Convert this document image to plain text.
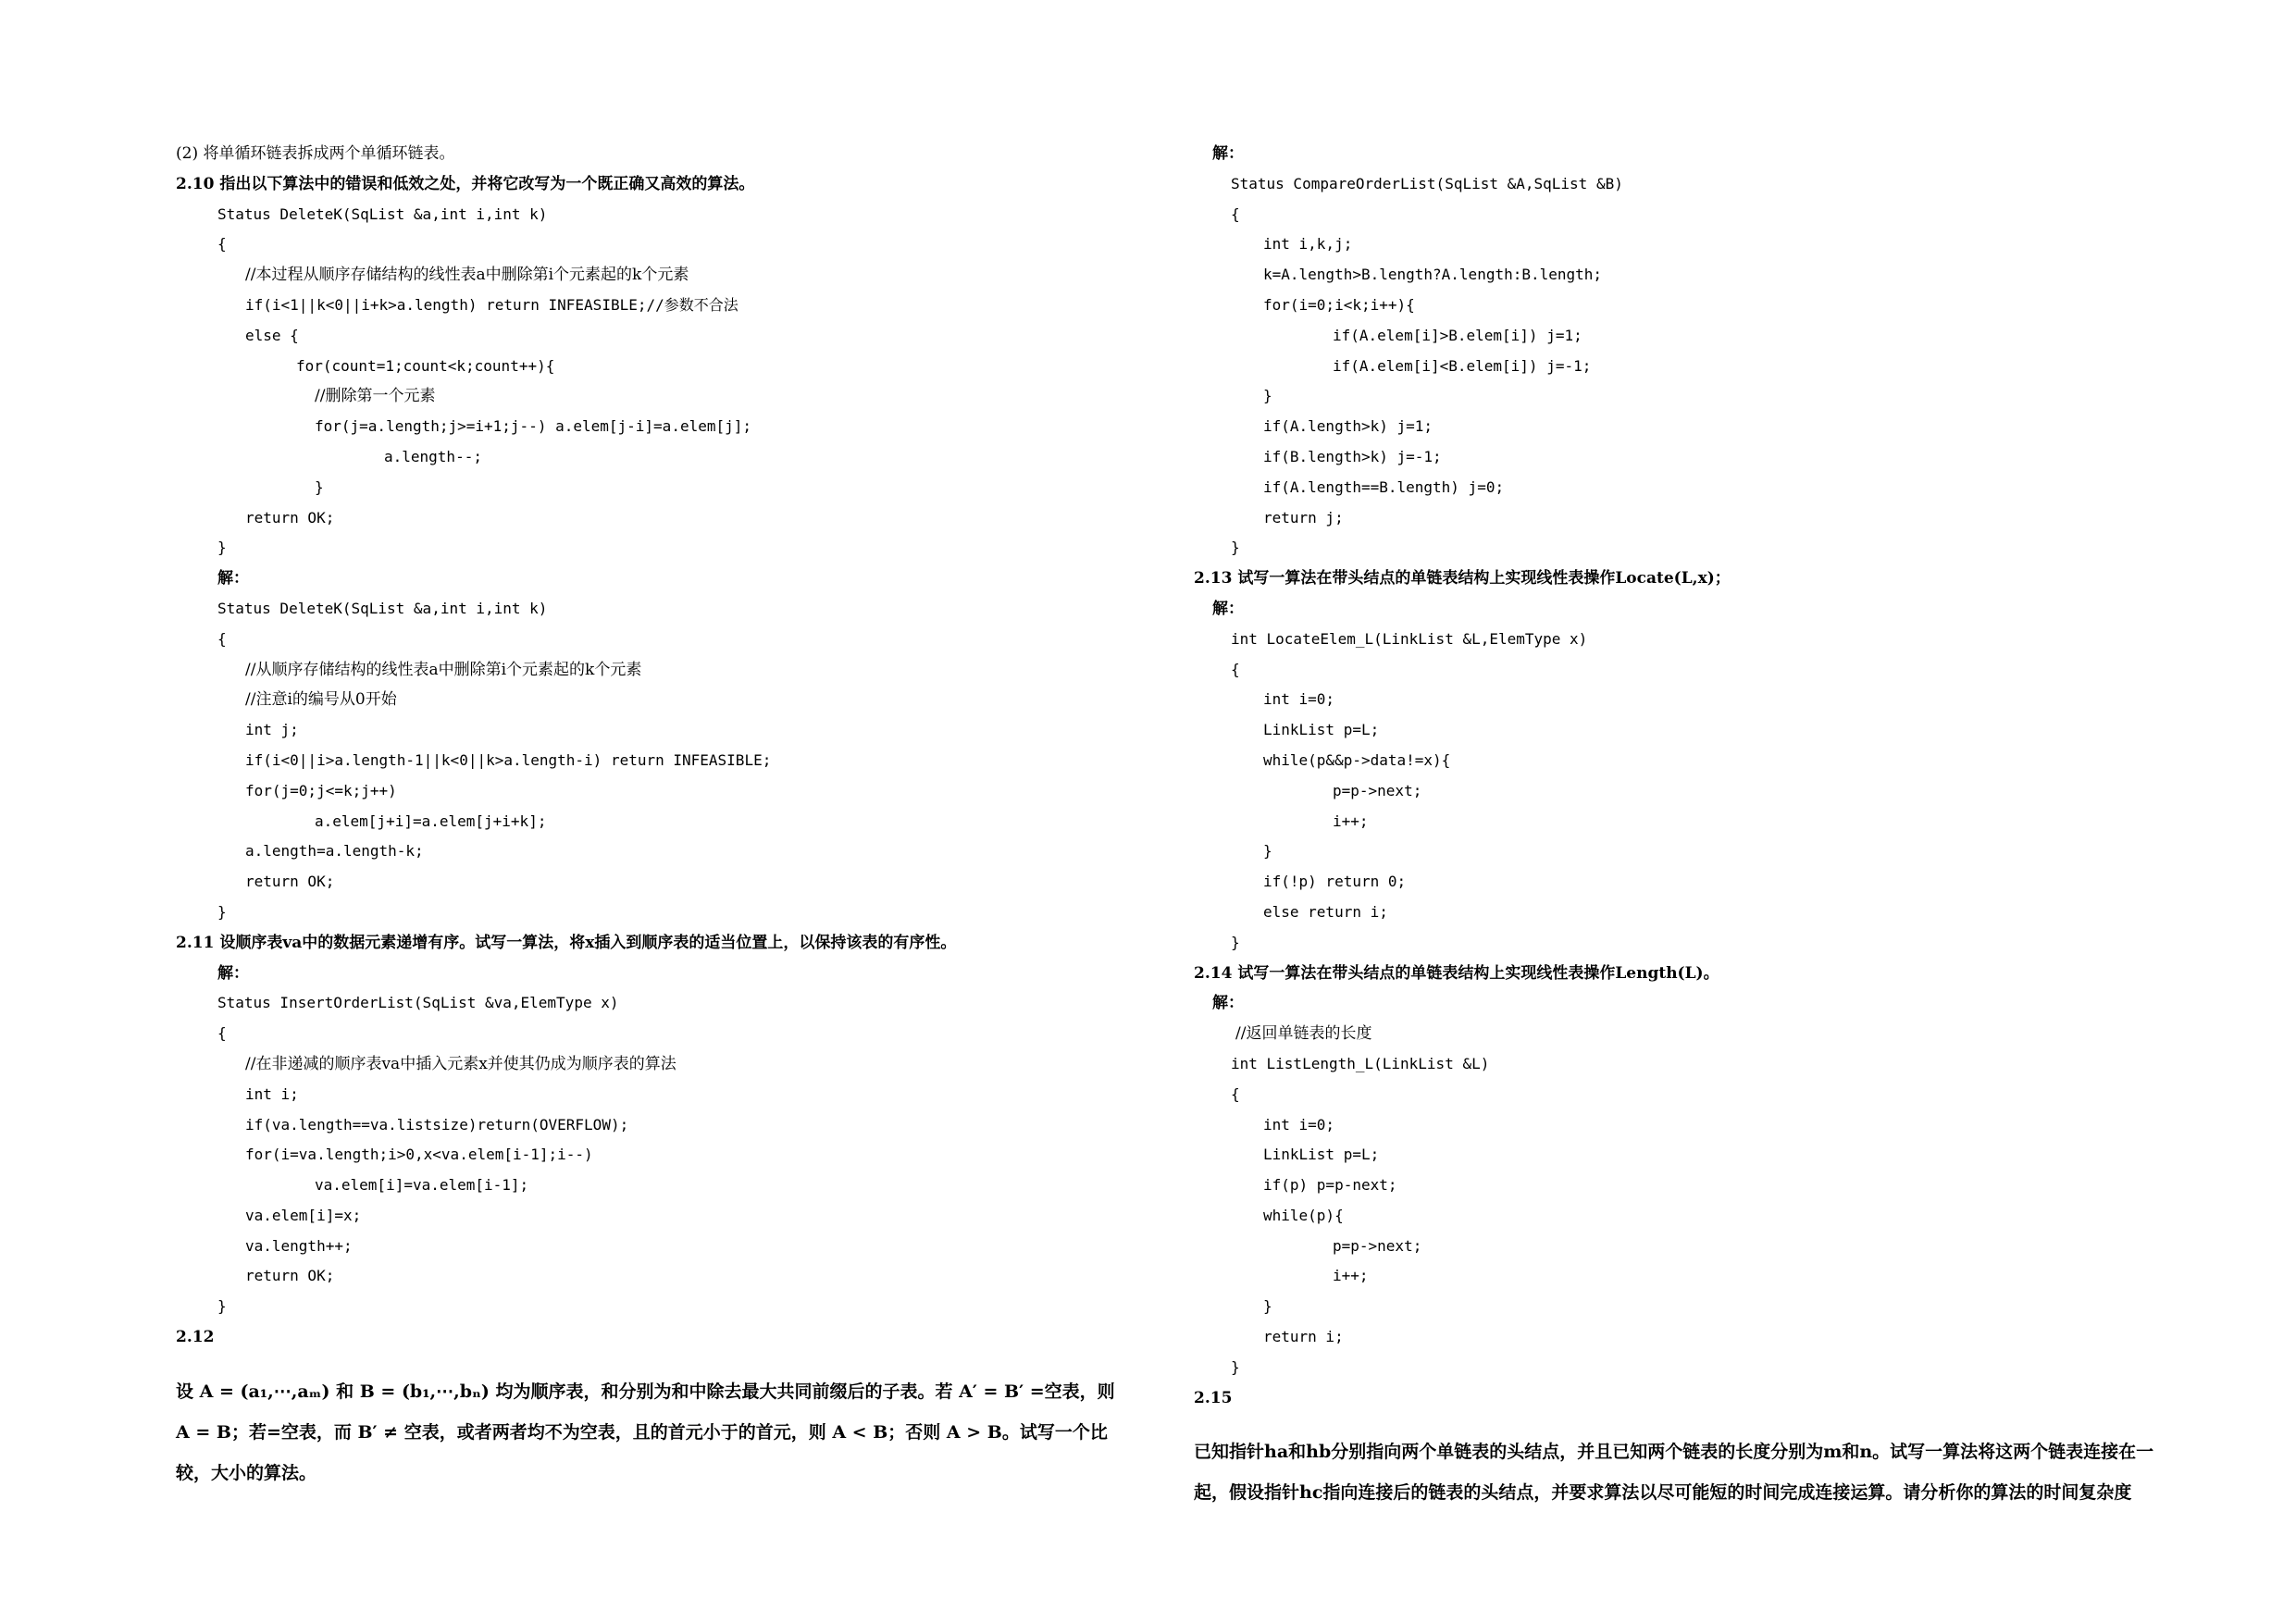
(2) 将单循环链表拆成两个单循环链表。
2.10 指出以下算法中的错误和低效之处，并将它改写为一个既正确又高效的算法。
Status DeleteK(SqList &a,int i,int k)
{
//本过程从顺序存储结构的线性表a中删除第i个元素起的k个元素
if(i<1||k<0||i+k>a.length) return INFEASIBLE;//参数不合法
else {
for(count=1;count<k;count++){
//删除第一个元素
for(j=a.length;j>=i+1;j--) a.elem[j-i]=a.elem[j];
a.length--;
}
return OK;
}
解：
Status DeleteK(SqList &a,int i,int k)
{
//从顺序存储结构的线性表a中删除第i个元素起的k个元素
//注意i的编号从0开始
int j;
if(i<0||i>a.length-1||k<0||k>a.length-i) return INFEASIBLE;
for(j=0;j<=k;j++)
a.elem[j+i]=a.elem[j+i+k];
a.length=a.length-k;
return OK;
}
2.11 设顺序表va中的数据元素递增有序。试写一算法，将x插入到顺序表的适当位置上，以保持该表的有序性。
解：
Status InsertOrderList(SqList &va,ElemType x)
{
//在非递减的顺序表va中插入元素x并使其仍成为顺序表的算法
int i;
if(va.length==va.listsize)return(OVERFLOW);
for(i=va.length;i>0,x<va.elem[i-1];i--)
va.elem[i]=va.elem[i-1];
va.elem[i]=x;
va.length++;
return OK;
}
2.12
设 A = (a₁,⋯,aₘ) 和 B = (b₁,⋯,bₙ) 均为顺序表，和分别为和中除去最大共同前缀后的子表。若 A′ = B′ =空表，则
A = B；若=空表，而 B′ ≠ 空表，或者两者均不为空表，且的首元小于的首元，则 A < B；否则 A > B。试写一个比
较，大小的算法。
解：
Status CompareOrderList(SqList &A,SqList &B)
{
int i,k,j;
k=A.length>B.length?A.length:B.length;
for(i=0;i<k;i++){
if(A.elem[i]>B.elem[i]) j=1;
if(A.elem[i]<B.elem[i]) j=-1;
}
if(A.length>k) j=1;
if(B.length>k) j=-1;
if(A.length==B.length) j=0;
return j;
}
2.13 试写一算法在带头结点的单链表结构上实现线性表操作Locate(L,x)；
解：
int LocateElem_L(LinkList &L,ElemType x)
{
int i=0;
LinkList p=L;
while(p&&p->data!=x){
p=p->next;
i++;
}
if(!p) return 0;
else return i;
}
2.14 试写一算法在带头结点的单链表结构上实现线性表操作Length(L)。
解：
//返回单链表的长度
int ListLength_L(LinkList &L)
{
int i=0;
LinkList p=L;
if(p) p=p-next;
while(p){
p=p->next;
i++;
}
return i;
}
2.15
已知指针ha和hb分别指向两个单链表的头结点，并且已知两个链表的长度分别为m和n。试写一算法将这两个链表连接在一
起，假设指针hc指向连接后的链表的头结点，并要求算法以尽可能短的时间完成连接运算。请分析你的算法的时间复杂度
